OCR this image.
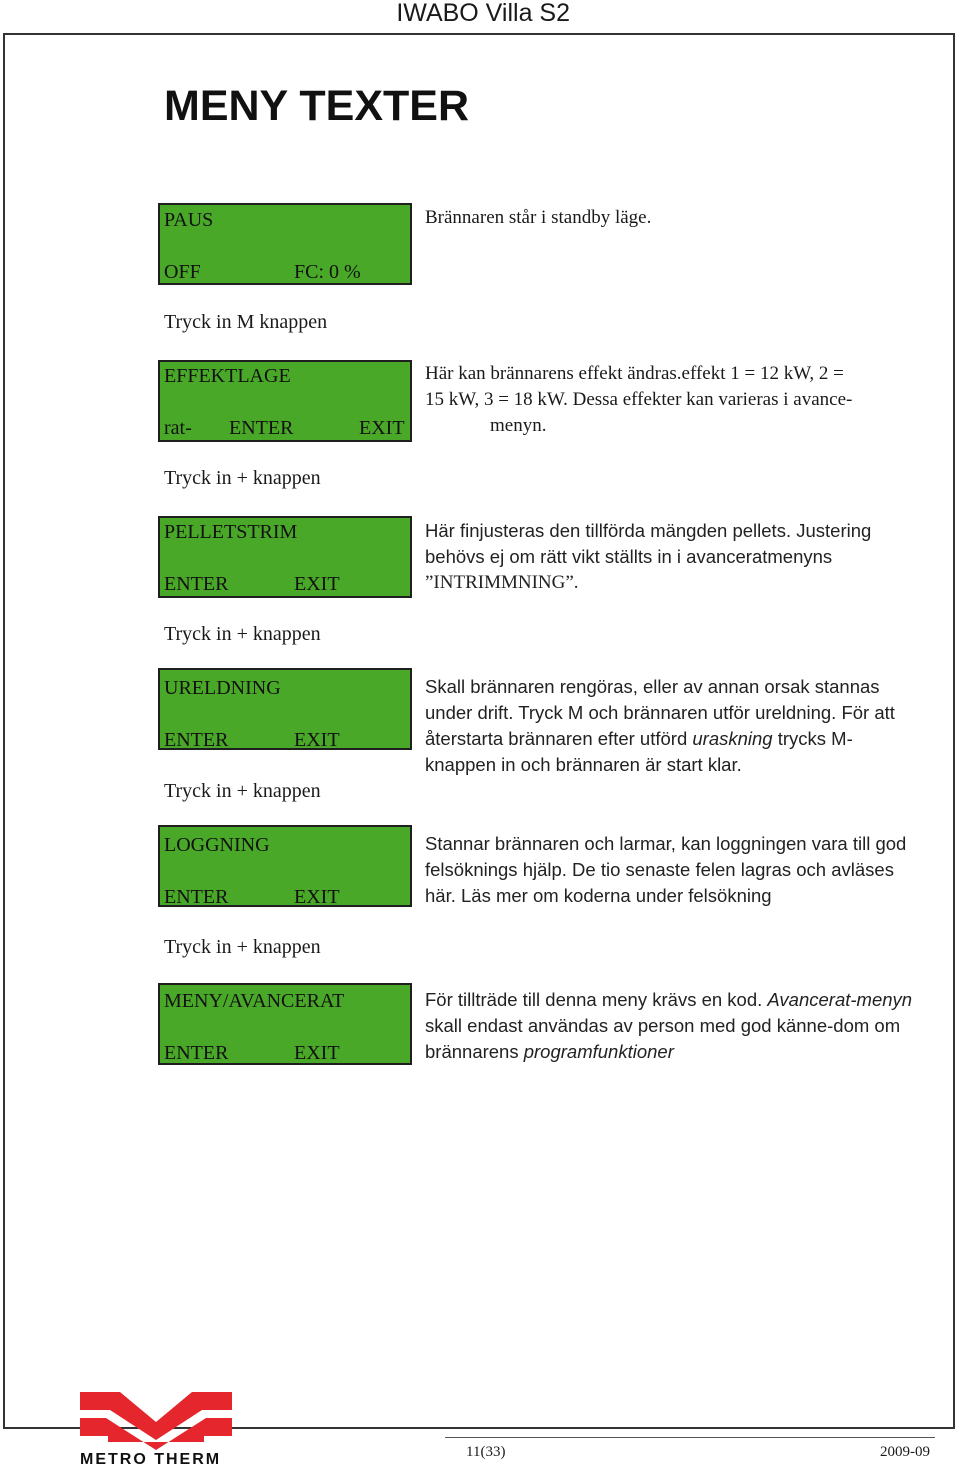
IWABO Villa S2
MENY TEXTER
PAUS
OFF	FC: 0 %
Brännaren står i standby läge.
Tryck in M knappen
EFFEKTLAGE
rat- ENTER	EXIT

Här kan brännarens effekt ändras.effekt 1 = 12 kW, 2 =

15 kW, 3 = 18 kW. Dessa effekter kan varieras i avance-

menyn.

Tryck in + knappen
PELLETSTRIM
ENTER	EXIT

Här finjusteras den tillförda mängden pellets. Justering

behövs ej om rätt vikt ställts in i avanceratmenyns

”INTRIMMNING”.

Tryck in + knappen
URELDNING
ENTER	EXIT
Skall brännaren rengöras, eller av annan orsak stannas under drift. Tryck M och brännaren utför ureldning. För att återstarta brännaren efter utförd uraskning trycks M-knappen in och brännaren är start klar.
Tryck in + knappen
LOGGNING
ENTER	EXIT
Stannar brännaren och larmar, kan loggningen vara till god felsöknings hjälp. De tio senaste felen lagras och avläses här. Läs mer om koderna under felsökning
Tryck in + knappen
MENY/AVANCERAT
ENTER	EXIT
För tillträde till denna meny krävs en kod. Avancerat-menyn skall endast användas av person med god känne-dom om brännarens programfunktioner
METRO THERM	11(33)	2009-09
